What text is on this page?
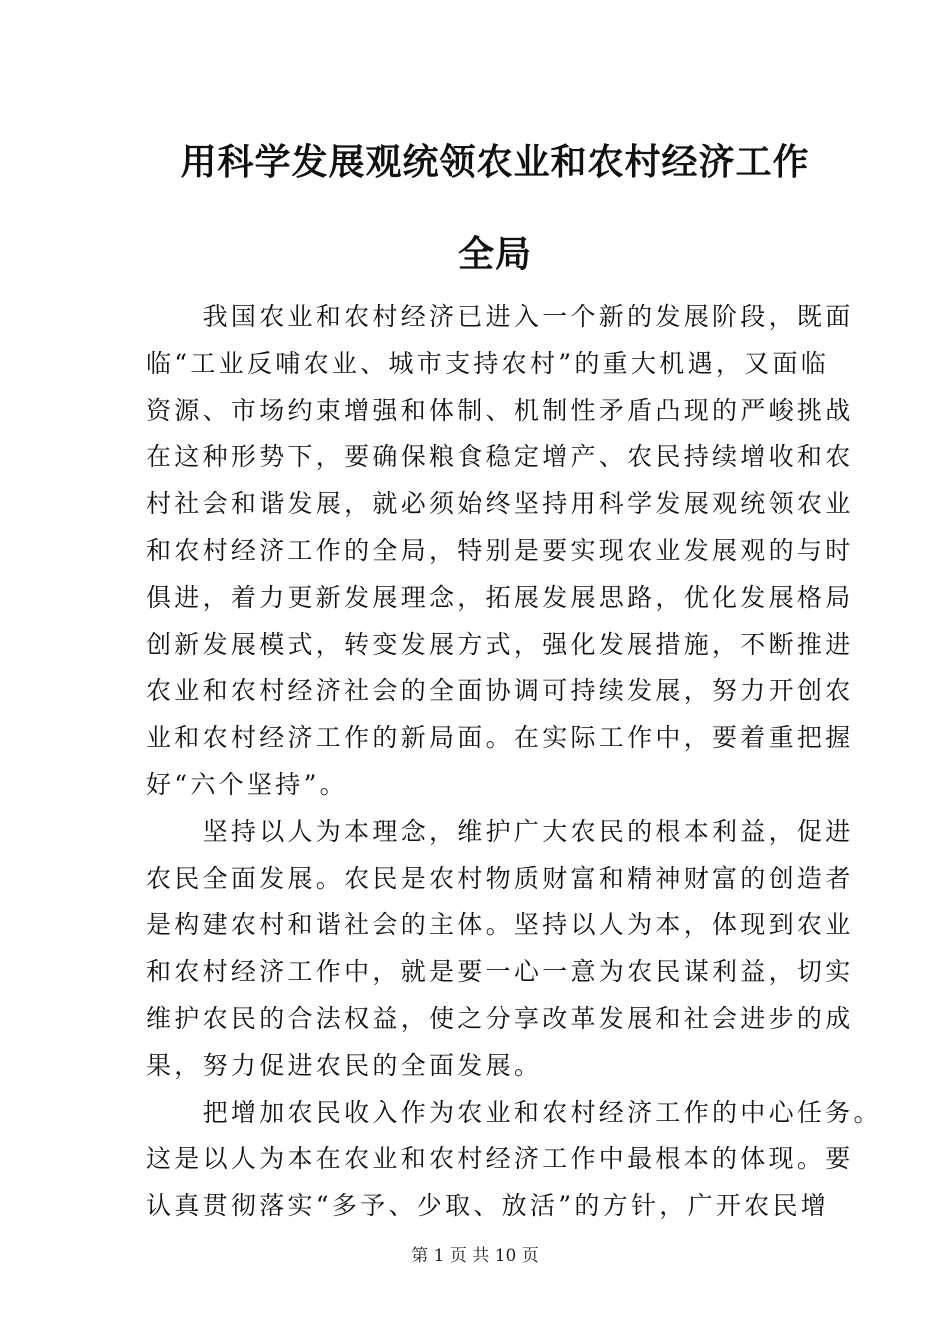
用科学发展观统领农业和农村经济工作
全局

　　我国农业和农村经济已进入一个新的发展阶段，既面
临“工业反哺农业、城市支持农村”的重大机遇，又面临
资源、市场约束增强和体制、机制性矛盾凸现的严峻挑战
在这种形势下，要确保粮食稳定增产、农民持续增收和农
村社会和谐发展，就必须始终坚持用科学发展观统领农业
和农村经济工作的全局，特别是要实现农业发展观的与时
俱进，着力更新发展理念，拓展发展思路，优化发展格局
创新发展模式，转变发展方式，强化发展措施，不断推进
农业和农村经济社会的全面协调可持续发展，努力开创农
业和农村经济工作的新局面。在实际工作中，要着重把握
好“六个坚持”。

　　坚持以人为本理念，维护广大农民的根本利益，促进
农民全面发展。农民是农村物质财富和精神财富的创造者
是构建农村和谐社会的主体。坚持以人为本，体现到农业
和农村经济工作中，就是要一心一意为农民谋利益，切实
维护农民的合法权益，使之分享改革发展和社会进步的成
果，努力促进农民的全面发展。

　　把增加农民收入作为农业和农村经济工作的中心任务。
这是以人为本在农业和农村经济工作中最根本的体现。要
认真贯彻落实“多予、少取、放活”的方针，广开农民增

第 1 页 共 10 页
